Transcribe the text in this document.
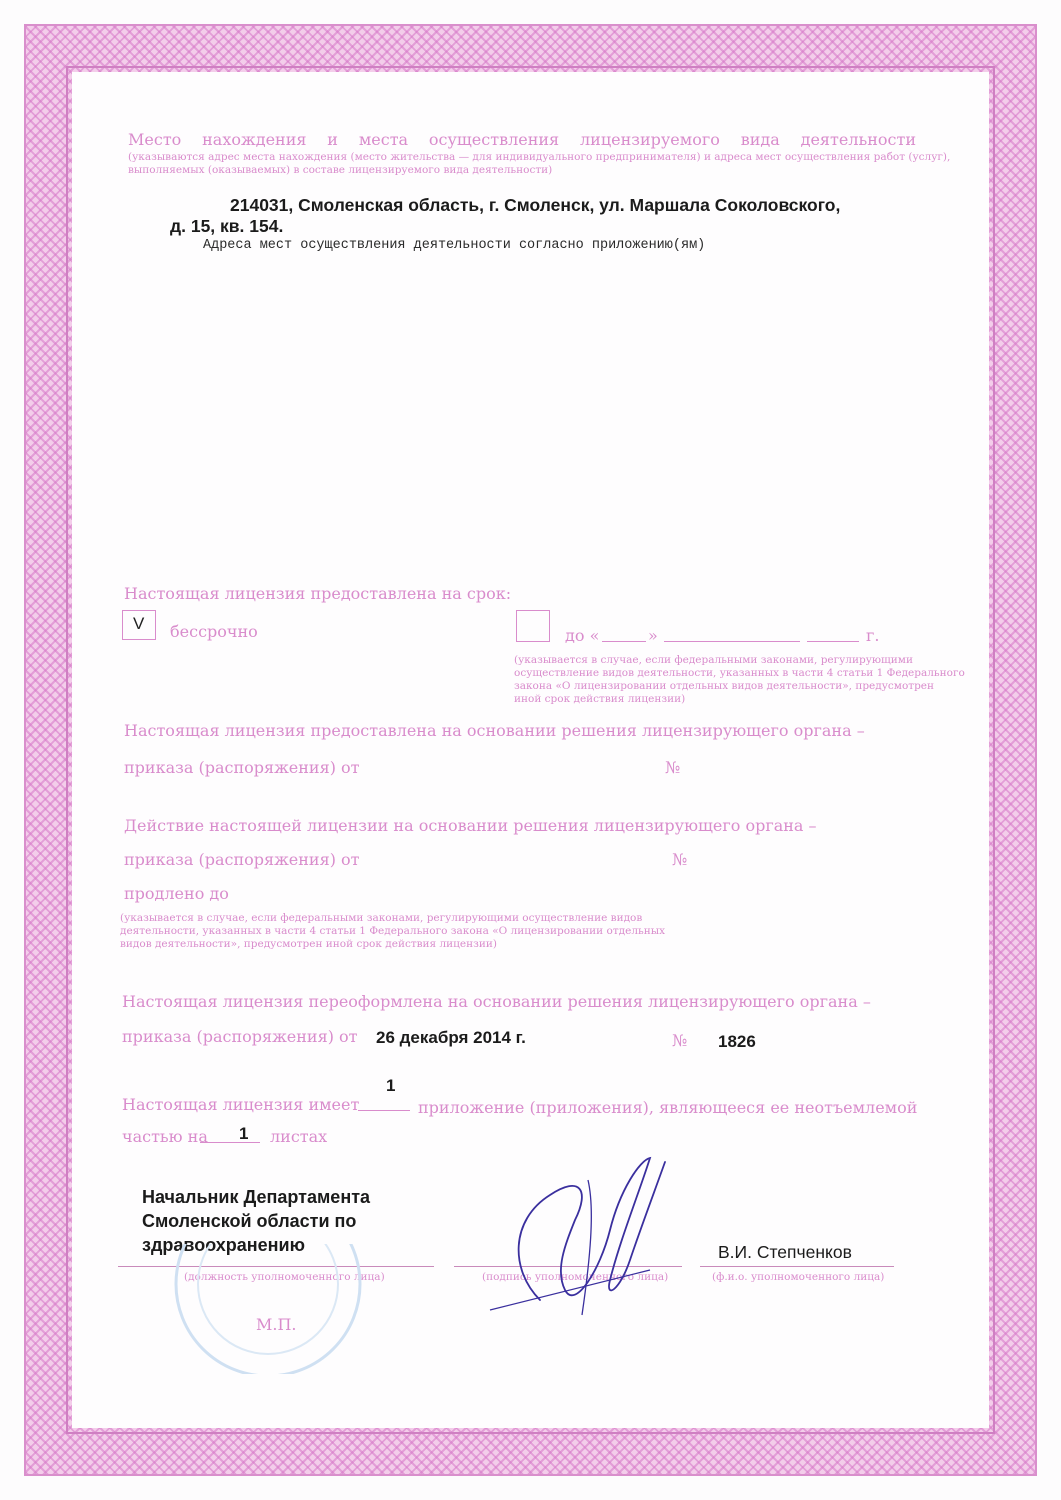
Место нахождения и места осуществления лицензируемого вида деятельности
(указываются адрес места нахождения (место жительства — для индивидуального предпринимателя) и адреса мест осуществления работ (услуг),
выполняемых (оказываемых) в составе лицензируемого вида деятельности)
214031, Смоленская область, г. Смоленск, ул. Маршала Соколовского,
д. 15, кв. 154.
Адреса мест осуществления деятельности согласно приложению(ям)
Настоящая лицензия предоставлена на срок:
V бессрочно	до «	»	г.
(указывается в случае, если федеральными законами, регулирующими
осуществление видов деятельности, указанных в части 4 статьи 1 Федерального
закона «О лицензировании отдельных видов деятельности», предусмотрен
иной срок действия лицензии)
Настоящая лицензия предоставлена на основании решения лицензирующего органа –
приказа (распоряжения) от	№
Действие настоящей лицензии на основании решения лицензирующего органа –
приказа (распоряжения) от	№
продлено до
(указывается в случае, если федеральными законами, регулирующими осуществление видов
деятельности, указанных в части 4 статьи 1 Федерального закона «О лицензировании отдельных
видов деятельности», предусмотрен иной срок действия лицензии)
Настоящая лицензия переоформлена на основании решения лицензирующего органа –
приказа (распоряжения) от 26 декабря 2014 г.	№ 1826
Настоящая лицензия имеет
1
приложение (приложения), являющееся ее неотъемлемой
частью на 1 листах
Начальник Департамента
Смоленской области по
здравоохранению
(должность уполномоченного лица)	(подпись уполномоченного лица)
В.И. Степченков
(ф.и.о. уполномоченного лица)
М.П.
